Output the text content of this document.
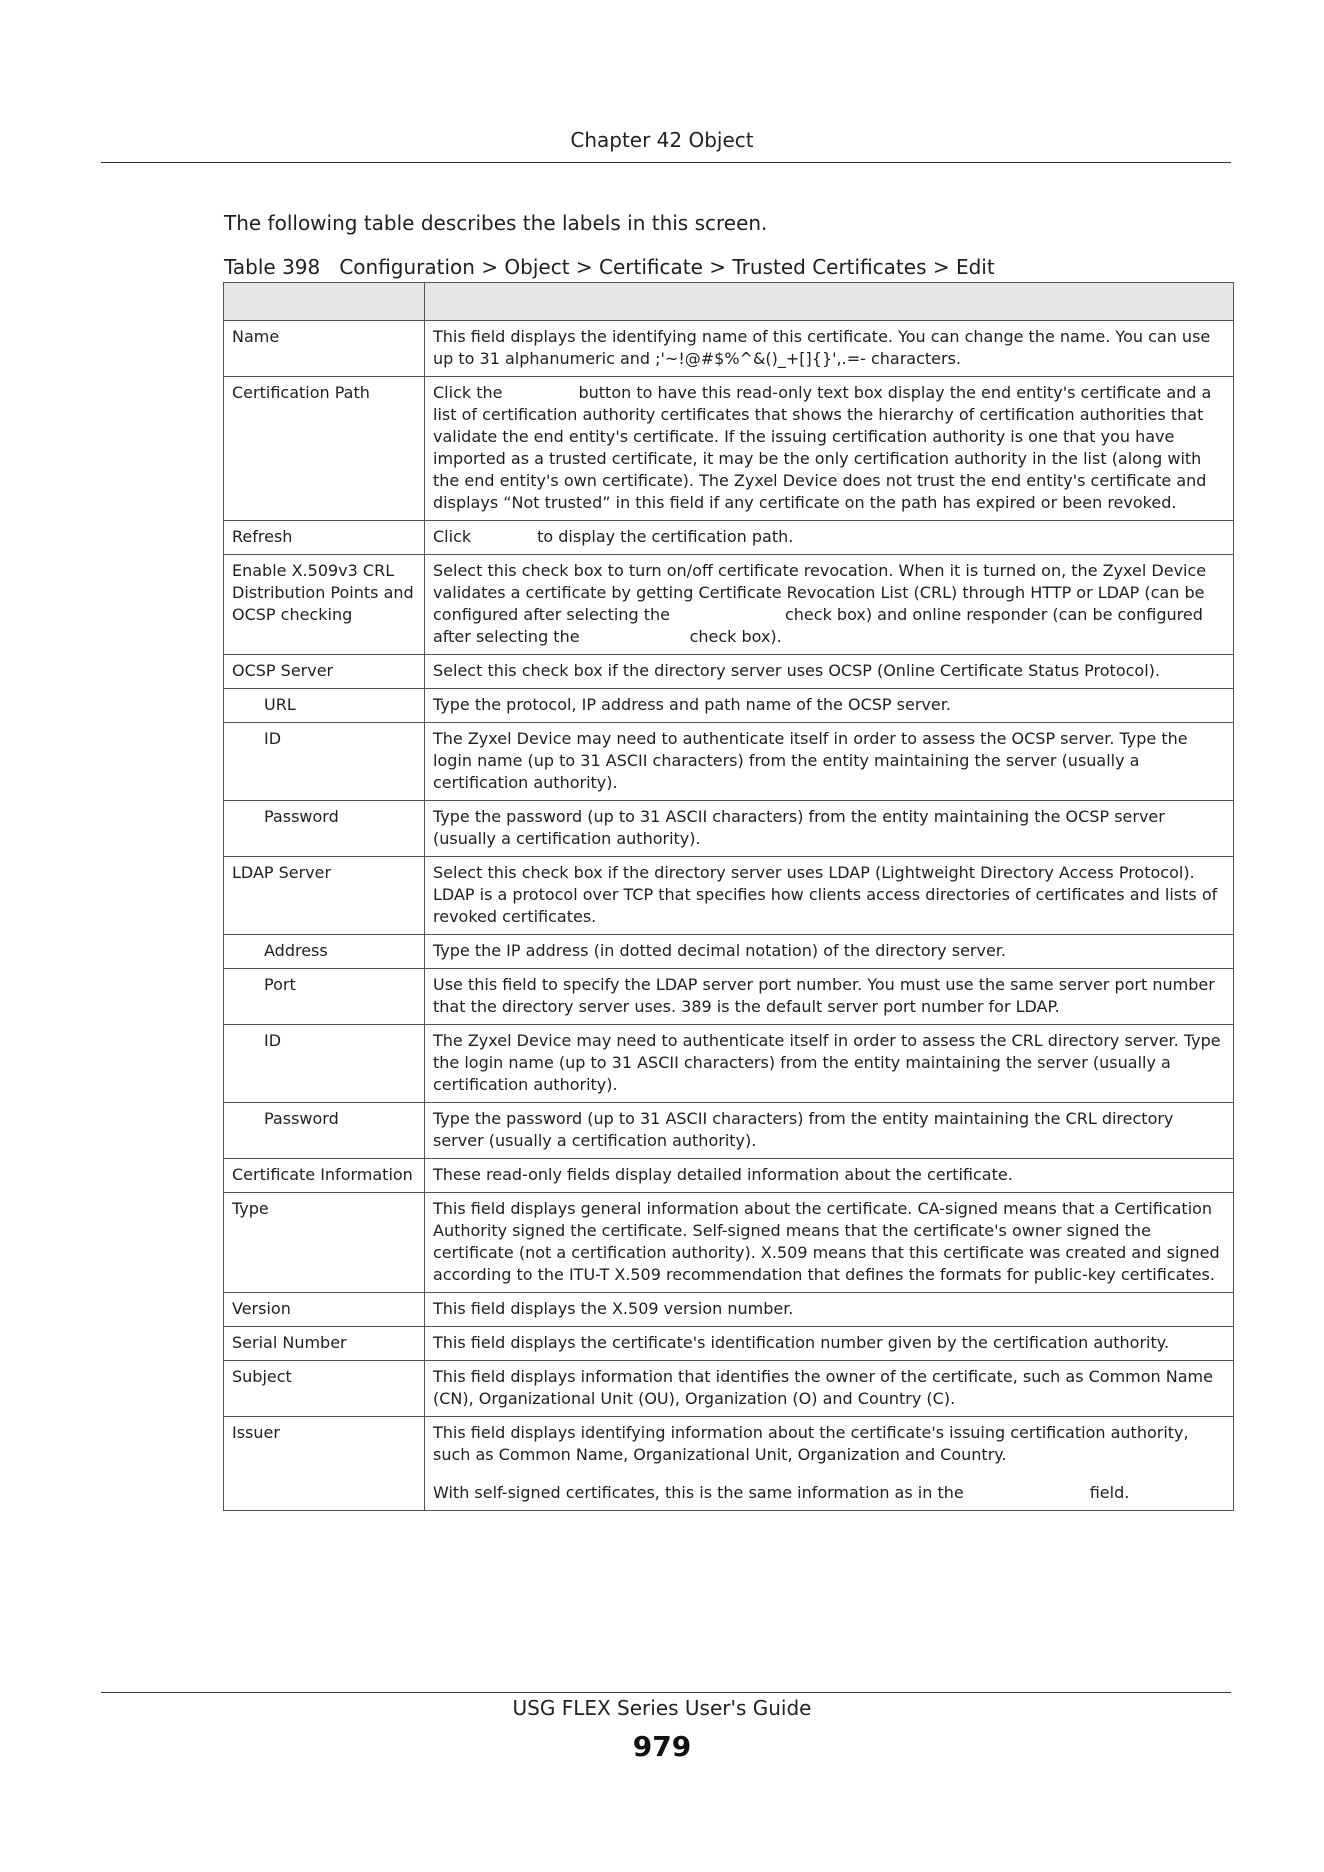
Chapter 42 Object
The following table describes the labels in this screen.
Table 398   Configuration > Object > Certificate > Trusted Certificates > Edit

Name	This field displays the identifying name of this certificate. You can change the name. You can use up to 31 alphanumeric and ;'~!@#$%^&()_+[]{}',.=- characters.
Certification Path	Click the button to have this read-only text box display the end entity's certificate and a list of certification authority certificates that shows the hierarchy of certification authorities that validate the end entity's certificate. If the issuing certification authority is one that you have imported as a trusted certificate, it may be the only certification authority in the list (along with the end entity's own certificate). The Zyxel Device does not trust the end entity's certificate and displays “Not trusted” in this field if any certificate on the path has expired or been revoked.
Refresh	Click to display the certification path.
Enable X.509v3 CRL Distribution Points and OCSP checking	Select this check box to turn on/off certificate revocation. When it is turned on, the Zyxel Device validates a certificate by getting Certificate Revocation List (CRL) through HTTP or LDAP (can be configured after selecting the check box) and online responder (can be configured after selecting the check box).
OCSP Server	Select this check box if the directory server uses OCSP (Online Certificate Status Protocol).
URL	Type the protocol, IP address and path name of the OCSP server.
ID	The Zyxel Device may need to authenticate itself in order to assess the OCSP server. Type the login name (up to 31 ASCII characters) from the entity maintaining the server (usually a certification authority).
Password	Type the password (up to 31 ASCII characters) from the entity maintaining the OCSP server (usually a certification authority).
LDAP Server	Select this check box if the directory server uses LDAP (Lightweight Directory Access Protocol). LDAP is a protocol over TCP that specifies how clients access directories of certificates and lists of revoked certificates.
Address	Type the IP address (in dotted decimal notation) of the directory server.
Port	Use this field to specify the LDAP server port number. You must use the same server port number that the directory server uses. 389 is the default server port number for LDAP.
ID	The Zyxel Device may need to authenticate itself in order to assess the CRL directory server. Type the login name (up to 31 ASCII characters) from the entity maintaining the server (usually a certification authority).
Password	Type the password (up to 31 ASCII characters) from the entity maintaining the CRL directory server (usually a certification authority).
Certificate Information	These read-only fields display detailed information about the certificate.
Type	This field displays general information about the certificate. CA-signed means that a Certification Authority signed the certificate. Self-signed means that the certificate's owner signed the certificate (not a certification authority). X.509 means that this certificate was created and signed according to the ITU-T X.509 recommendation that defines the formats for public-key certificates.
Version	This field displays the X.509 version number.
Serial Number	This field displays the certificate's identification number given by the certification authority.
Subject	This field displays information that identifies the owner of the certificate, such as Common Name (CN), Organizational Unit (OU), Organization (O) and Country (C).
Issuer	This field displays identifying information about the certificate's issuing certification authority, such as Common Name, Organizational Unit, Organization and Country.
With self-signed certificates, this is the same information as in the field.
USG FLEX Series User's Guide
979
